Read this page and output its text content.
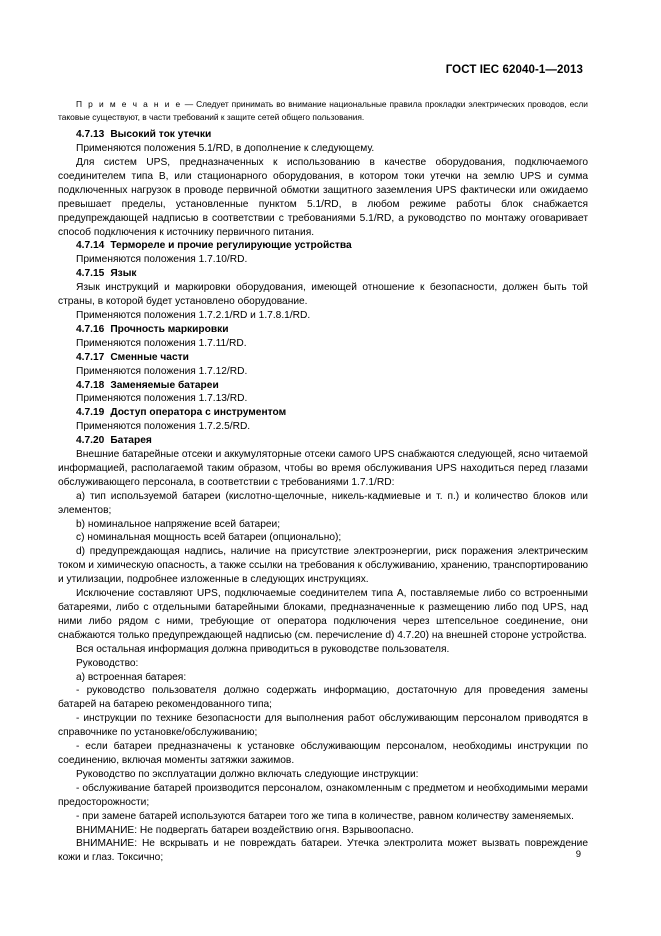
ГОСТ IEC 62040-1—2013

П р и м е ч а н и е — Следует принимать во внимание национальные правила прокладки электрических проводов, если таковые существуют, в части требований к защите сетей общего пользования.

4.7.13 Высокий ток утечки

Применяются положения 5.1/RD, в дополнение к следующему.

Для систем UPS, предназначенных к использованию в качестве оборудования, подключаемого соединителем типа B, или стационарного оборудования, в котором токи утечки на землю UPS и сумма подключенных нагрузок в проводе первичной обмотки защитного заземления UPS фактически или ожидаемо превышает пределы, установленные пунктом 5.1/RD, в любом режиме работы блок снабжается предупреждающей надписью в соответствии с требованиями 5.1/RD, а руководство по монтажу оговаривает способ подключения к источнику первичного питания.

4.7.14 Термореле и прочие регулирующие устройства

Применяются положения 1.7.10/RD.

4.7.15 Язык

Язык инструкций и маркировки оборудования, имеющей отношение к безопасности, должен быть той страны, в которой будет установлено оборудование.

Применяются положения 1.7.2.1/RD и 1.7.8.1/RD.

4.7.16 Прочность маркировки

Применяются положения 1.7.11/RD.

4.7.17 Сменные части

Применяются положения 1.7.12/RD.

4.7.18 Заменяемые батареи

Применяются положения 1.7.13/RD.

4.7.19 Доступ оператора с инструментом

Применяются положения 1.7.2.5/RD.

4.7.20 Батарея

Внешние батарейные отсеки и аккумуляторные отсеки самого UPS снабжаются следующей, ясно читаемой информацией, располагаемой таким образом, чтобы во время обслуживания UPS находиться перед глазами обслуживающего персонала, в соответствии с требованиями 1.7.1/RD:

a) тип используемой батареи (кислотно-щелочные, никель-кадмиевые и т. п.) и количество блоков или элементов;

b) номинальное напряжение всей батареи;

c) номинальная мощность всей батареи (опционально);

d) предупреждающая надпись, наличие на присутствие электроэнергии, риск поражения электрическим током и химическую опасность, а также ссылки на требования к обслуживанию, хранению, транспортированию и утилизации, подробнее изложенные в следующих инструкциях.

Исключение составляют UPS, подключаемые соединителем типа A, поставляемые либо со встроенными батареями, либо с отдельными батарейными блоками, предназначенные к размещению либо под UPS, над ними либо рядом с ними, требующие от оператора подключения через штепсельное соединение, они снабжаются только предупреждающей надписью (см. перечисление d) 4.7.20) на внешней стороне устройства.

Вся остальная информация должна приводиться в руководстве пользователя.

Руководство:

a) встроенная батарея:

- руководство пользователя должно содержать информацию, достаточную для проведения замены батарей на батарею рекомендованного типа;

- инструкции по технике безопасности для выполнения работ обслуживающим персоналом приводятся в справочнике по установке/обслуживанию;

- если батареи предназначены к установке обслуживающим персоналом, необходимы инструкции по соединению, включая моменты затяжки зажимов.

Руководство по эксплуатации должно включать следующие инструкции:

- обслуживание батарей производится персоналом, ознакомленным с предметом и необходимыми мерами предосторожности;

- при замене батарей используются батареи того же типа в количестве, равном количеству заменяемых.

ВНИМАНИЕ: Не подвергать батареи воздействию огня. Взрывоопасно.

ВНИМАНИЕ: Не вскрывать и не повреждать батареи. Утечка электролита может вызвать повреждение кожи и глаз. Токсично;	9
